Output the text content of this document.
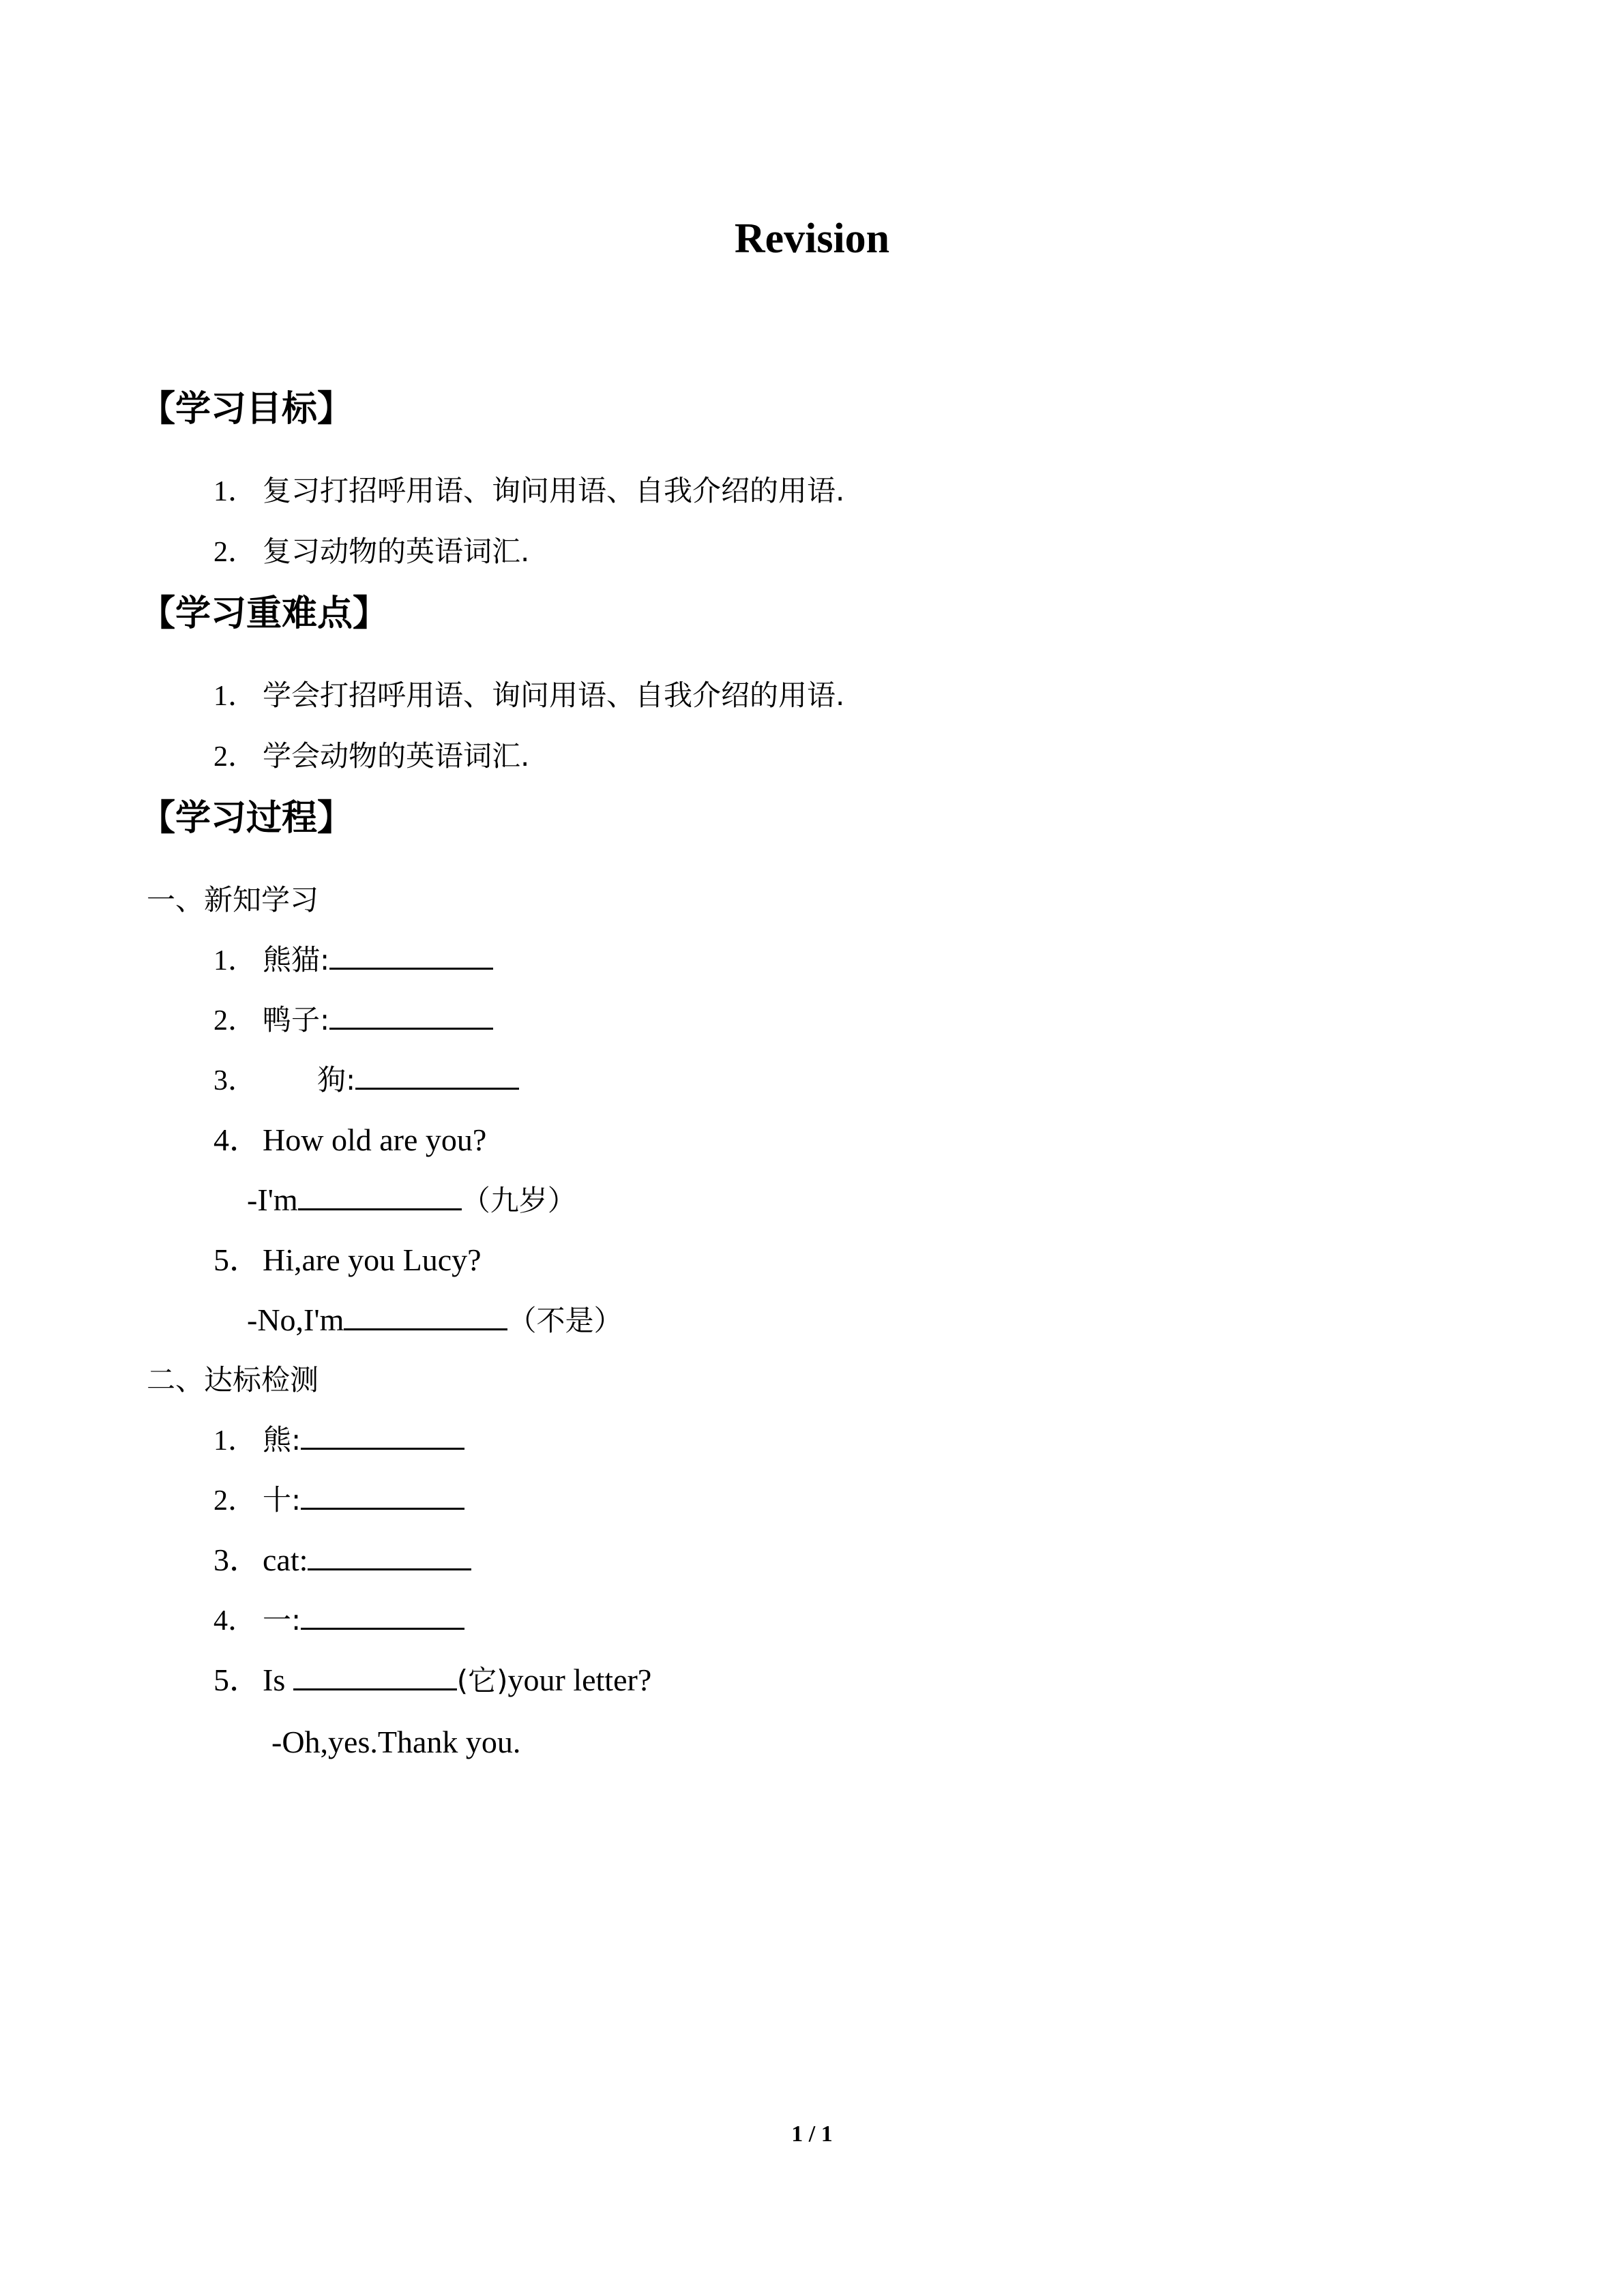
Revision
【学习目标】
1． 复习打招呼用语、询问用语、自我介绍的用语.
2． 复习动物的英语词汇.
【学习重难点】
1． 学会打招呼用语、询问用语、自我介绍的用语.
2． 学会动物的英语词汇.
【学习过程】
一、新知学习
1． 熊猫:
2． 鸭子:
3． 狗:
4．How old are you?
-I'm	（九岁）
5．Hi,are you Lucy?
-No,I'm	（不是）
二、达标检测
1． 熊:
2． 十:
3．cat:
4． 一:
5．Is	(它)your letter?
-Oh,yes.Thank you.
1 / 1
